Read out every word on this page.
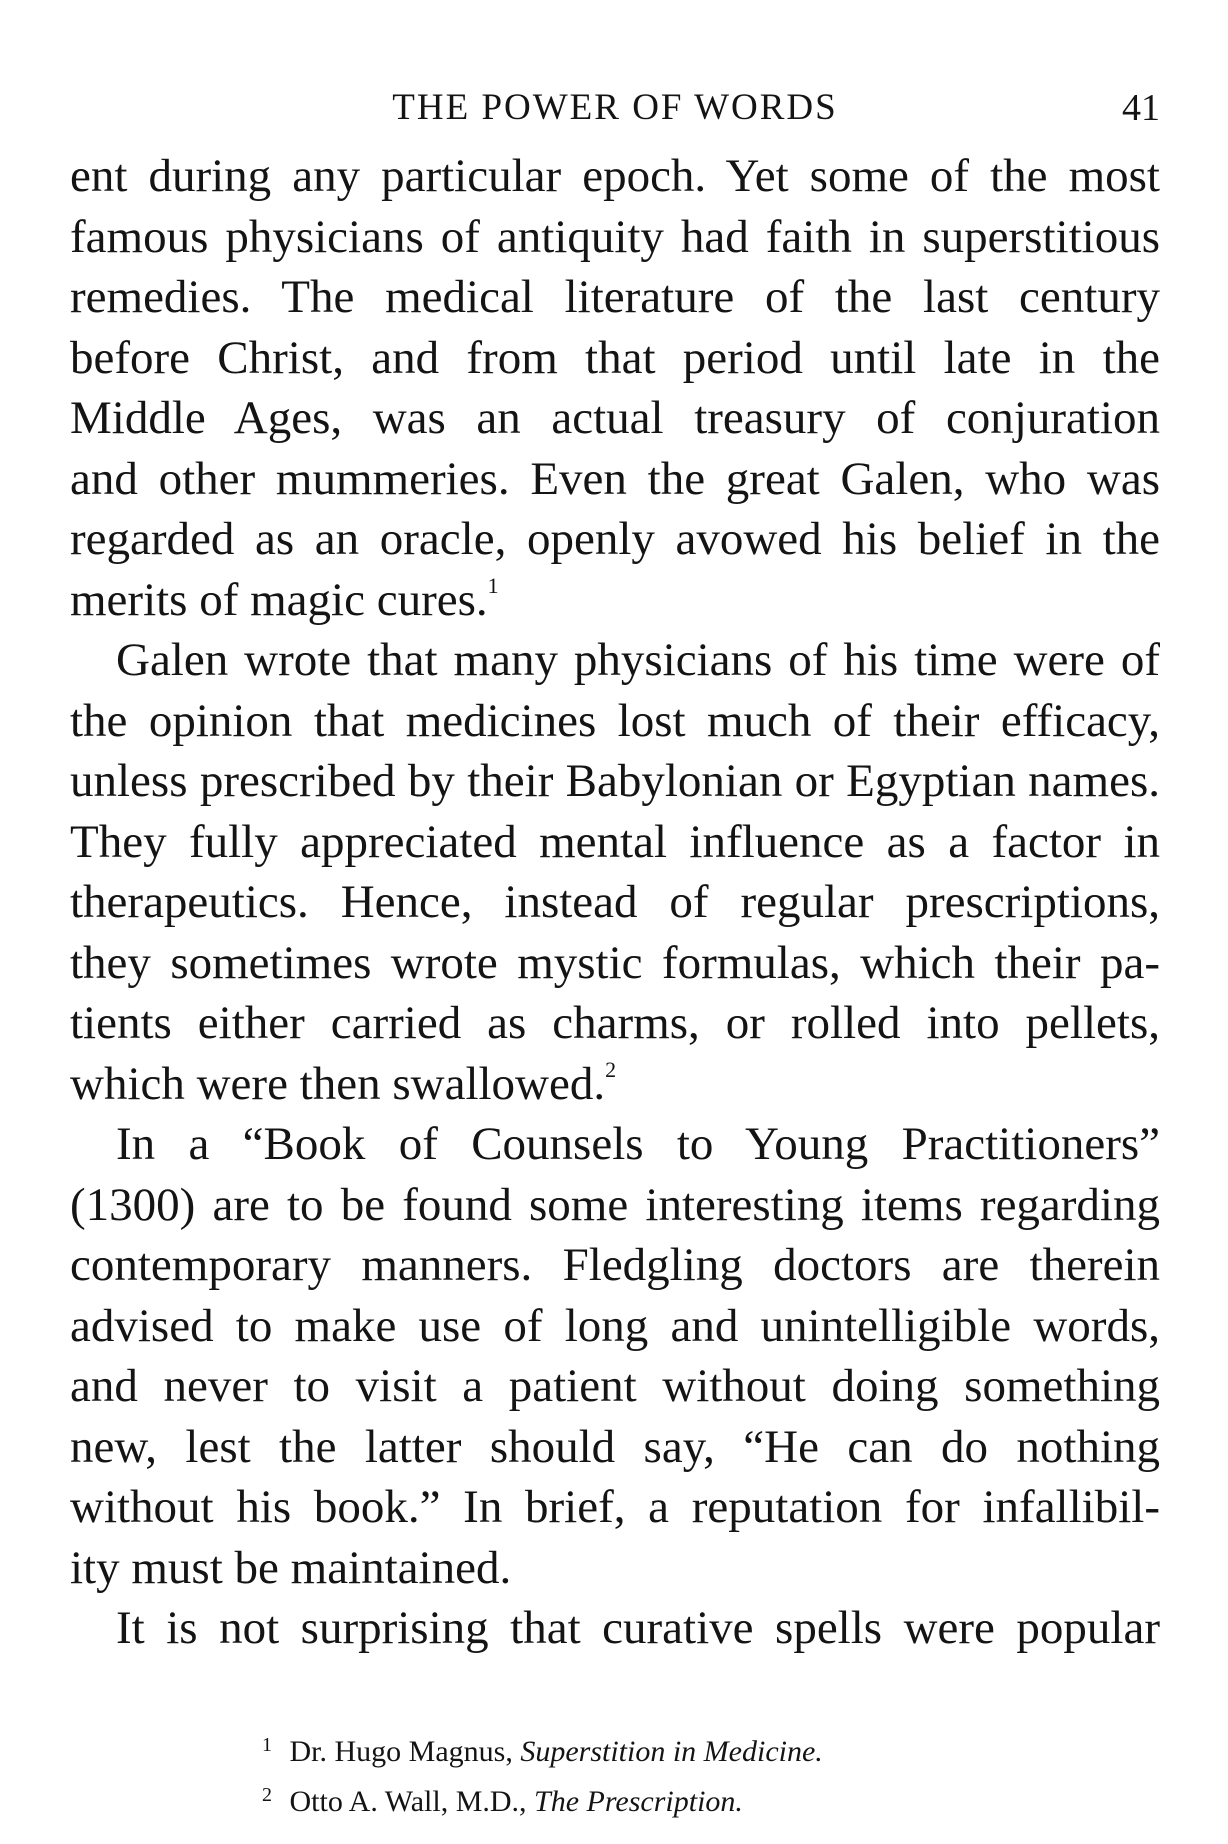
THE POWER OF WORDS	41
ent during any particular epoch. Yet some of the most
famous physicians of antiquity had faith in superstitious
remedies. The medical literature of the last century
before Christ, and from that period until late in the
Middle Ages, was an actual treasury of conjuration
and other mummeries. Even the great Galen, who was
regarded as an oracle, openly avowed his belief in the
merits of magic cures.$^1$
Galen wrote that many physicians of his time were of
the opinion that medicines lost much of their efficacy,
unless prescribed by their Babylonian or Egyptian names.
They fully appreciated mental influence as a factor in
therapeutics. Hence, instead of regular prescriptions,
they sometimes wrote mystic formulas, which their pa-
tients either carried as charms, or rolled into pellets,
which were then swallowed.$^2$
In a “Book of Counsels to Young Practitioners”
(1300) are to be found some interesting items regarding
contemporary manners. Fledgling doctors are therein
advised to make use of long and unintelligible words,
and never to visit a patient without doing something
new, lest the latter should say, “He can do nothing
without his book.” In brief, a reputation for infallibil-
ity must be maintained.
It is not surprising that curative spells were popular
$^1$ Dr. Hugo Magnus, Superstition in Medicine.
$^2$ Otto A. Wall, M.D., The Prescription.
